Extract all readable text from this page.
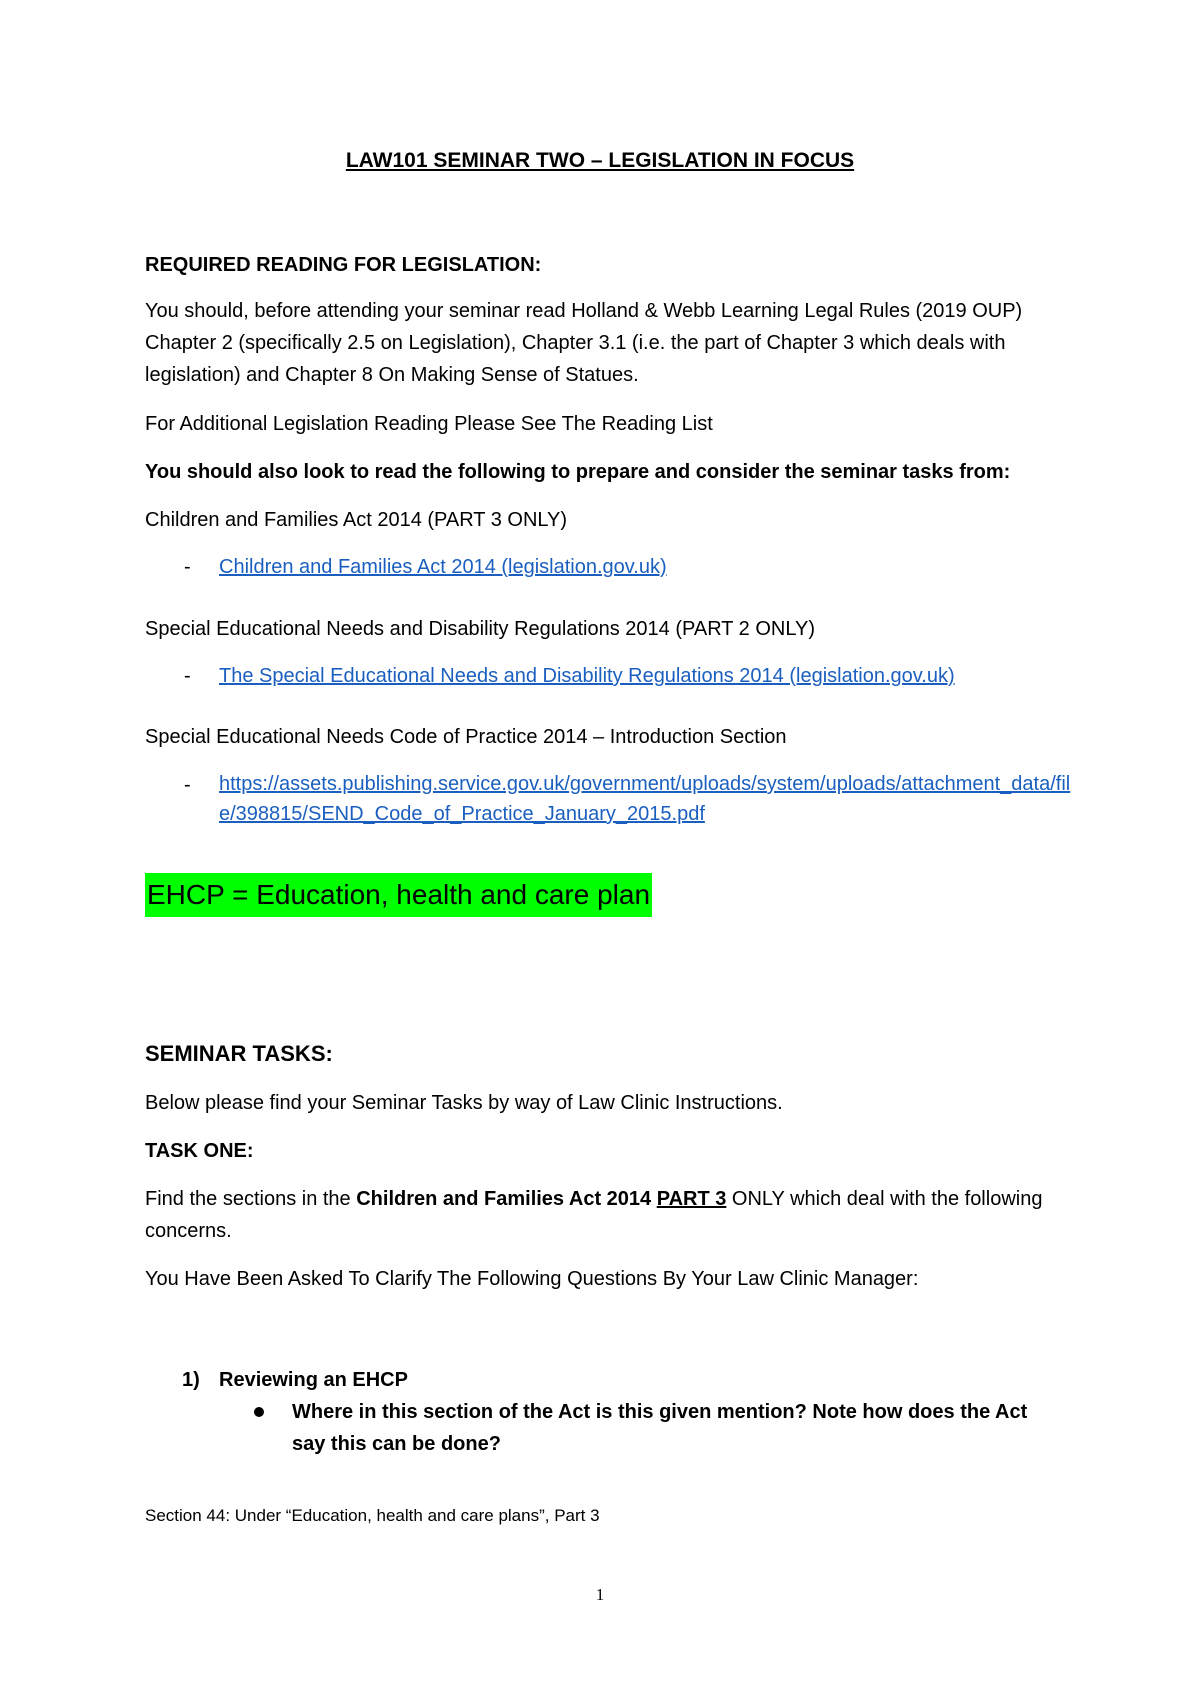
LAW101 SEMINAR TWO – LEGISLATION IN FOCUS

REQUIRED READING FOR LEGISLATION:

You should, before attending your seminar read Holland & Webb Learning Legal Rules (2019 OUP) Chapter 2 (specifically 2.5 on Legislation), Chapter 3.1 (i.e. the part of Chapter 3 which deals with legislation) and Chapter 8 On Making Sense of Statues.

For Additional Legislation Reading Please See The Reading List

You should also look to read the following to prepare and consider the seminar tasks from:

Children and Families Act 2014 (PART 3 ONLY)

-	Children and Families Act 2014 (legislation.gov.uk)

Special Educational Needs and Disability Regulations 2014 (PART 2 ONLY)

-	The Special Educational Needs and Disability Regulations 2014 (legislation.gov.uk)

Special Educational Needs Code of Practice 2014 – Introduction Section

-	https://assets.publishing.service.gov.uk/government/uploads/system/uploads/attachment_data/file/398815/SEND_Code_of_Practice_January_2015.pdf
EHCP = Education, health and care plan

SEMINAR TASKS:

Below please find your Seminar Tasks by way of Law Clinic Instructions.

TASK ONE:

Find the sections in the Children and Families Act 2014 PART 3 ONLY which deal with the following concerns.

You Have Been Asked To Clarify The Following Questions By Your Law Clinic Manager:

1) Reviewing an EHCP

Where in this section of the Act is this given mention? Note how does the Act say this can be done?

Section 44: Under “Education, health and care plans”, Part 3

1
